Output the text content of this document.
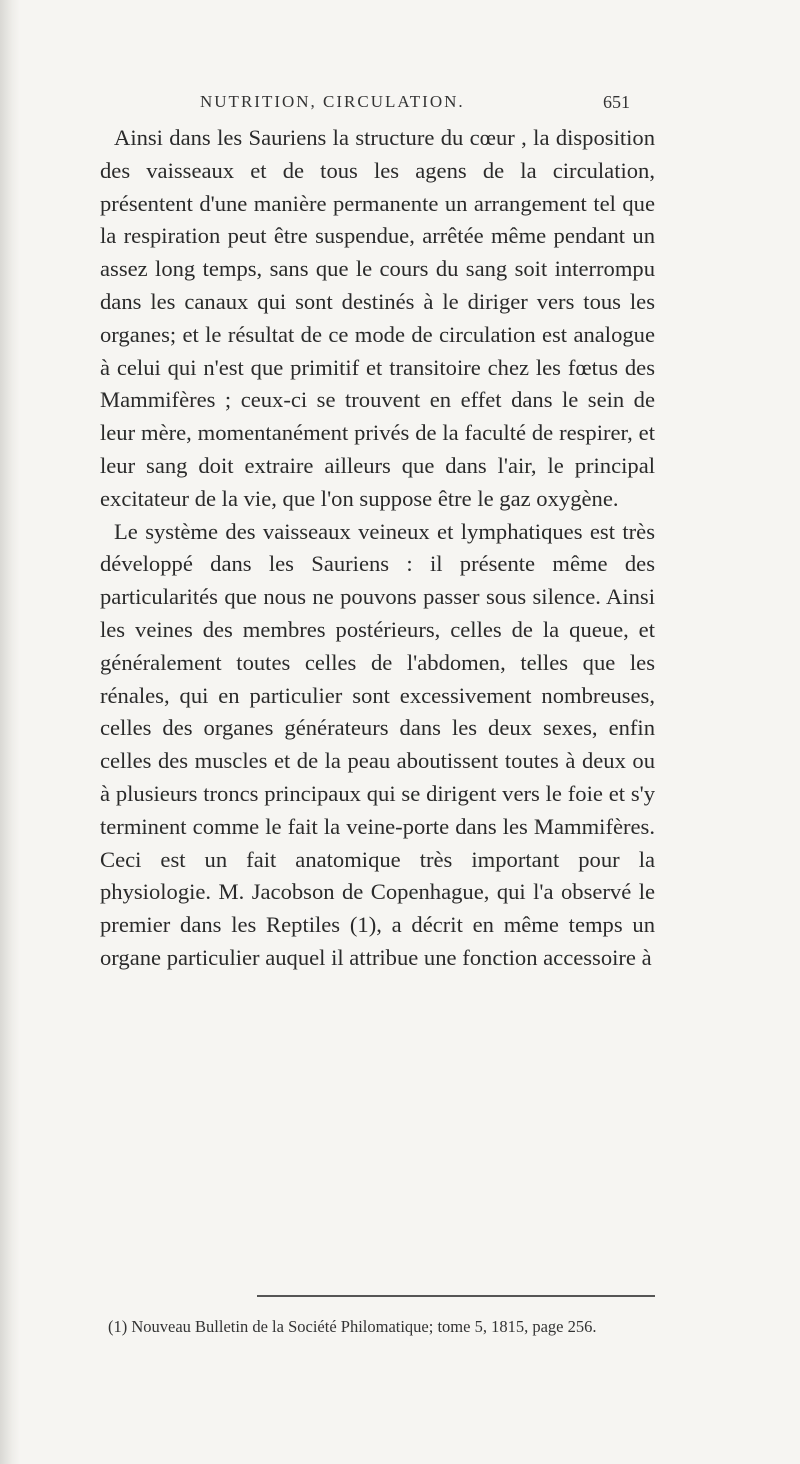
NUTRITION, CIRCULATION.	651

Ainsi dans les Sauriens la structure du cœur , la disposition des vaisseaux et de tous les agens de la circulation, présentent d'une manière permanente un arrangement tel que la respiration peut être suspendue, arrêtée même pendant un assez long temps, sans que le cours du sang soit interrompu dans les canaux qui sont destinés à le diriger vers tous les organes; et le résultat de ce mode de circulation est analogue à celui qui n'est que primitif et transitoire chez les fœtus des Mammifères ; ceux-ci se trouvent en effet dans le sein de leur mère, momentanément privés de la faculté de respirer, et leur sang doit extraire ailleurs que dans l'air, le principal excitateur de la vie, que l'on suppose être le gaz oxygène.

Le système des vaisseaux veineux et lymphatiques est très développé dans les Sauriens : il présente même des particularités que nous ne pouvons passer sous silence. Ainsi les veines des membres postérieurs, celles de la queue, et généralement toutes celles de l'abdomen, telles que les rénales, qui en particulier sont excessivement nombreuses, celles des organes générateurs dans les deux sexes, enfin celles des muscles et de la peau aboutissent toutes à deux ou à plusieurs troncs principaux qui se dirigent vers le foie et s'y terminent comme le fait la veine-porte dans les Mammifères. Ceci est un fait anatomique très important pour la physiologie. M. Jacobson de Copenhague, qui l'a observé le premier dans les Reptiles (1), a décrit en même temps un organe particulier auquel il attribue une fonction accessoire à

(1) Nouveau Bulletin de la Société Philomatique; tome 5, 1815, page 256.
